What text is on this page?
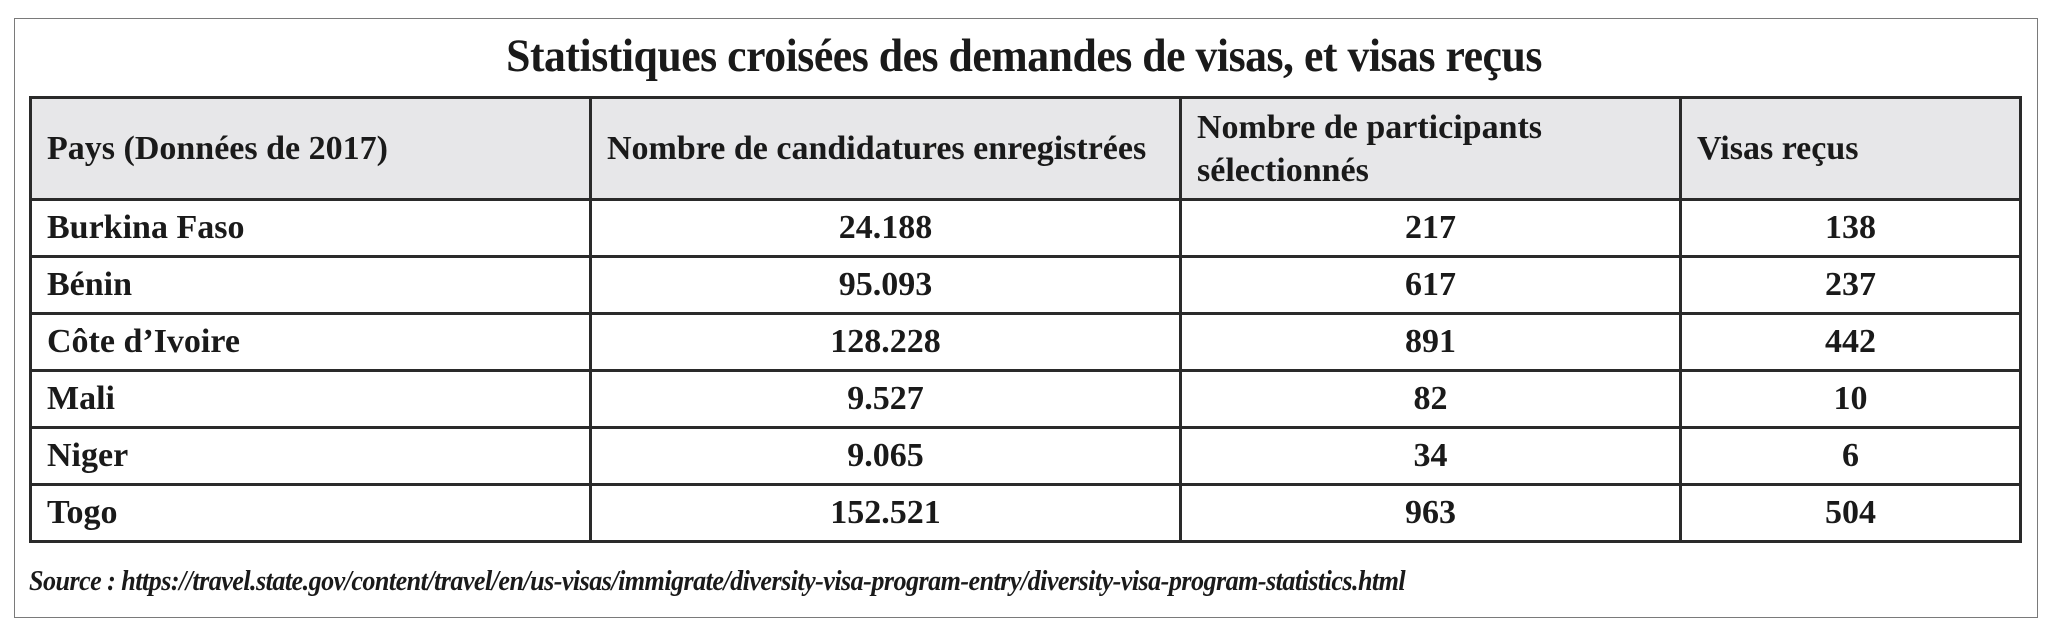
Statistiques croisées des demandes de visas, et visas reçus
Pays (Données de 2017)	Nombre de candidatures enregistrées	Nombre de participants sélectionnés	Visas reçus
Burkina Faso	24.188	217	138
Bénin	95.093	617	237
Côte d’Ivoire	128.228	891	442
Mali	9.527	82	10
Niger	9.065	34	6
Togo	152.521	963	504
Source : https://travel.state.gov/content/travel/en/us-visas/immigrate/diversity-visa-program-entry/diversity-visa-program-statistics.html
